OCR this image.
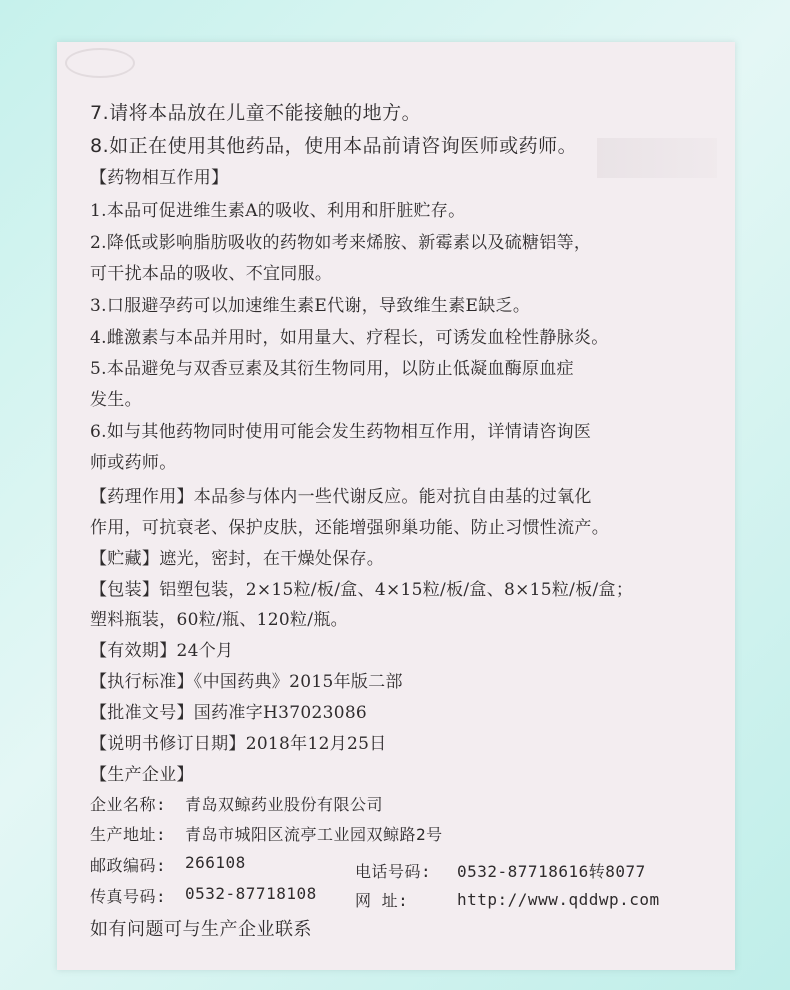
7.请将本品放在儿童不能接触的地方。
8.如正在使用其他药品，使用本品前请咨询医师或药师。
【药物相互作用】
1.本品可促进维生素A的吸收、利用和肝脏贮存。
2.降低或影响脂肪吸收的药物如考来烯胺、新霉素以及硫糖铝等，
可干扰本品的吸收、不宜同服。
3.口服避孕药可以加速维生素E代谢，导致维生素E缺乏。
4.雌激素与本品并用时，如用量大、疗程长，可诱发血栓性静脉炎。
5.本品避免与双香豆素及其衍生物同用，以防止低凝血酶原血症
发生。
6.如与其他药物同时使用可能会发生药物相互作用，详情请咨询医
师或药师。
【药理作用】本品参与体内一些代谢反应。能对抗自由基的过氧化
作用，可抗衰老、保护皮肤，还能增强卵巢功能、防止习惯性流产。
【贮藏】遮光，密封，在干燥处保存。
【包装】铝塑包装，2×15粒/板/盒、4×15粒/板/盒、8×15粒/板/盒；
塑料瓶装，60粒/瓶、120粒/瓶。
【有效期】24个月
【执行标准】《中国药典》2015年版二部
【批准文号】国药准字H37023086
【说明书修订日期】2018年12月25日
【生产企业】
企业名称: 青岛双鲸药业股份有限公司
生产地址: 青岛市城阳区流亭工业园双鲸路2号
邮政编码: 266108	电话号码: 0532-87718616转8077
传真号码: 0532-87718108 网 址:	http://www.qddwp.com
如有问题可与生产企业联系
